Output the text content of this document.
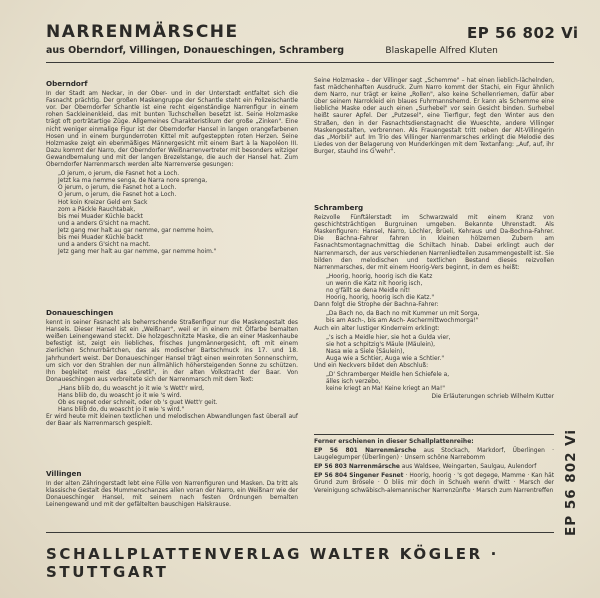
NARRENMÄRSCHE	EP 56 802 Vi
aus Oberndorf, Villingen, Donaueschingen, Schramberg	Blaskapelle Alfred Kluten
Oberndorf

In der Stadt am Neckar, in der Ober- und in der Unterstadt entfaltet sich die Fasnacht prächtig. Der großen Maskengruppe der Schantle steht ein Polizeischantle vor. Der Oberndorfer Schantle ist eine recht eigenständige Narrenfigur in einem rohen Sackleinenkleid, das mit bunten Tuchschellen besetzt ist. Seine Holzmaske trägt oft porträtartige Züge. Allgemeines Charakteristikum der große „Zinken". Eine nicht weniger einmalige Figur ist der Oberndorfer Hansel in langen orangefarbenen Hosen und in einem burgunderroten Kittel mit aufgesteppten roten Herzen. Seine Holzmaske zeigt ein ebenmäßiges Männergesicht mit einem Bart à la Napoléon III. Dazu kommt der Narro, der Oberndorfer Weißnarrenvertreter mit besonders witziger Gewandbemalung und mit der langen Brezelstange, die auch der Hansel hat. Zum Oberndorfer Narrenmarsch werden alte Narrenverse gesungen:

„O jerum, o jerum, die Fasnet hot a Loch.
Jetzt ka ma nemme senga, de Narra nore sprenga,
O jerum, o jerum, die Fasnet hot a Loch.
O jerum, o jerum, die Fasnet hot a Loch.
Hot koin Kreizer Geld em Sack
zom a Päckle Rauchtabak,
bis mei Muader Küchle backt
und a anders G'sicht na macht.
Jetz gang mer halt au gar nemme, gar nemme hoim,
bis mei Muader Küchle backt
und a anders G'sicht na macht.
Jetz gang mer halt au gar nemme, gar nemme hoim."

Donaueschingen

kennt in seiner Fasnacht als beherrschende Straßenfigur nur die Maskengestalt des Hansels. Dieser Hansel ist ein „Weißnarr", weil er in einem mit Ölfarbe bemalten weißen Leinengewand steckt. Die holzgeschnitzte Maske, die an einer Maskenhaube befestigt ist, zeigt ein liebliches, frisches Jungmännergesicht, oft mit einem zierlichen Schnurrbärtchen, das als modischer Bartschmuck ins 17. und 18. Jahrhundert weist. Der Donaueschinger Hansel trägt einen weinroten Sonnenschirm, um sich vor den Strahlen der nun allmählich höhersteigenden Sonne zu schützen. Ihn begleitet meist das „Gretli", in der alten Volkstracht der Baar. Von Donaueschingen aus verbreitete sich der Narrenmarsch mit dem Text:

„Hans bliib do, du woascht jo it wie 's Wett'r wird,
Hans bliib do, du woascht jo it wie 's wird.
Ob es regnet oder schneit, oder ob 's guet Wett'r geit.
Hans bliib do, du woascht jo it wie 's wird."

Er wird heute mit kleinen textlichen und melodischen Abwandlungen fast überall auf der Baar als Narrenmarsch gespielt.

Villingen

In der alten Zähringerstadt lebt eine Fülle von Narrenfiguren und Masken. Da tritt als klassische Gestalt des Mummenschanzes allen voran der Narro, ein Weißnarr wie der Donaueschinger Hansel, mit seinem nach festen Ordnungen bemalten Leinengewand und mit der gefältelten bauschigen Halskrause.

Seine Holzmaske – der Villinger sagt „Schemme" – hat einen lieblich-lächelnden, fast mädchenhaften Ausdruck. Zum Narro kommt der Stachi, ein Figur ähnlich dem Narro, nur trägt er keine „Rollen", also keine Schellenriemen, dafür aber über seinem Narrokleid ein blaues Fuhrmannshemd. Er kann als Schemme eine liebliche Maske oder auch einen „Surhebel" vor sein Gesicht binden. Surhebel heißt saurer Apfel. Der „Putzesel", eine Tierfigur, fegt den Winter aus den Straßen, den in der Fasnachtsdienstagnacht die Wueschte, andere Villinger Maskengestalten, verbrennen. Als Frauengestalt tritt neben der Alt-Villingerin das „Morbili" auf. Im Trio des Villinger Narrenmarsches erklingt die Melodie des Liedes von der Belagerung von Munderkingen mit dem Textanfang: „Auf, auf, ihr Burger, stauhd ins G'wehr".

Schramberg

Reizvolle Fünftälerstadt im Schwarzwald mit einem Kranz von geschichtsträchtigen Burgruinen umgeben. Bekannte Uhrenstadt. Als Maskenfiguren: Hansel, Narro, Löchler, Brüeli, Kehraus und Da-Bochna-Fahrer. Die Bachna-Fahrer fahren in kleinen hölzernen Zubern am Fasnachtsmontagnachmittag die Schiltach hinab. Dabei erklingt auch der Narrenmarsch, der aus verschiedenen Narrenliedteilen zusammengestellt ist. Sie bilden den melodischen und textlichen Bestand dieses reizvollen Narrenmarsches, der mit einem Hoorig-Vers beginnt, in dem es heißt:

„Hoorig, hoorig, hoorig isch die Katz
un wenn die Katz nit hoorig isch,
no g'fällt se dena Meidle nit!
Hoorig, hoorig, hoorig isch die Katz."

Dann folgt die Strophe der Bachna-Fahrer:

„Da Bach no, da Bach no mit Kummer un mit Sorga,
bis am Asch-, bis am Asch- Aschermittwochmorga!"

Auch ein alter lustiger Kinderreim erklingt:

„'s isch a Meidle hier, sie hot a Gulda vier,
sie hot a schpitzig's Mäule (Mäulein),
Nasa wie a Siele (Säulein),
Auga wie a Schtier, Auga wie a Schtier."

Und ein Neckvers bildet den Abschluß:

„D' Schramberger Meidle hen Schiefele a,
älles isch verzebo,
keine kriegt an Ma! Keine kriegt an Ma!"

Die Erläuterungen schrieb Wilhelm Kutter

Ferner erschienen in dieser Schallplattenreihe:
EP 56 801 Narrenmärsche aus Stockach, Markdorf, Überlingen · Laugelegumper (Überlingen) · Unsern schöne Narrebomm
EP 56 803 Narrenmärsche aus Waldsee, Weingarten, Saulgau, Aulendorf
EP 56 804 Singener Fesnet · Hoorig, hoorig · 's got degege, Mamme · Kan hät Grund zum Brösele · O bliis mir doch in Schueh wenn d'witt · Marsch der Vereinigung schwäbisch-alemannischer Narrenzünfte · Marsch zum Narrentreffen
SCHALLPLATTENVERLAG WALTER KÖGLER · STUTTGART
EP 56 802 Vi
